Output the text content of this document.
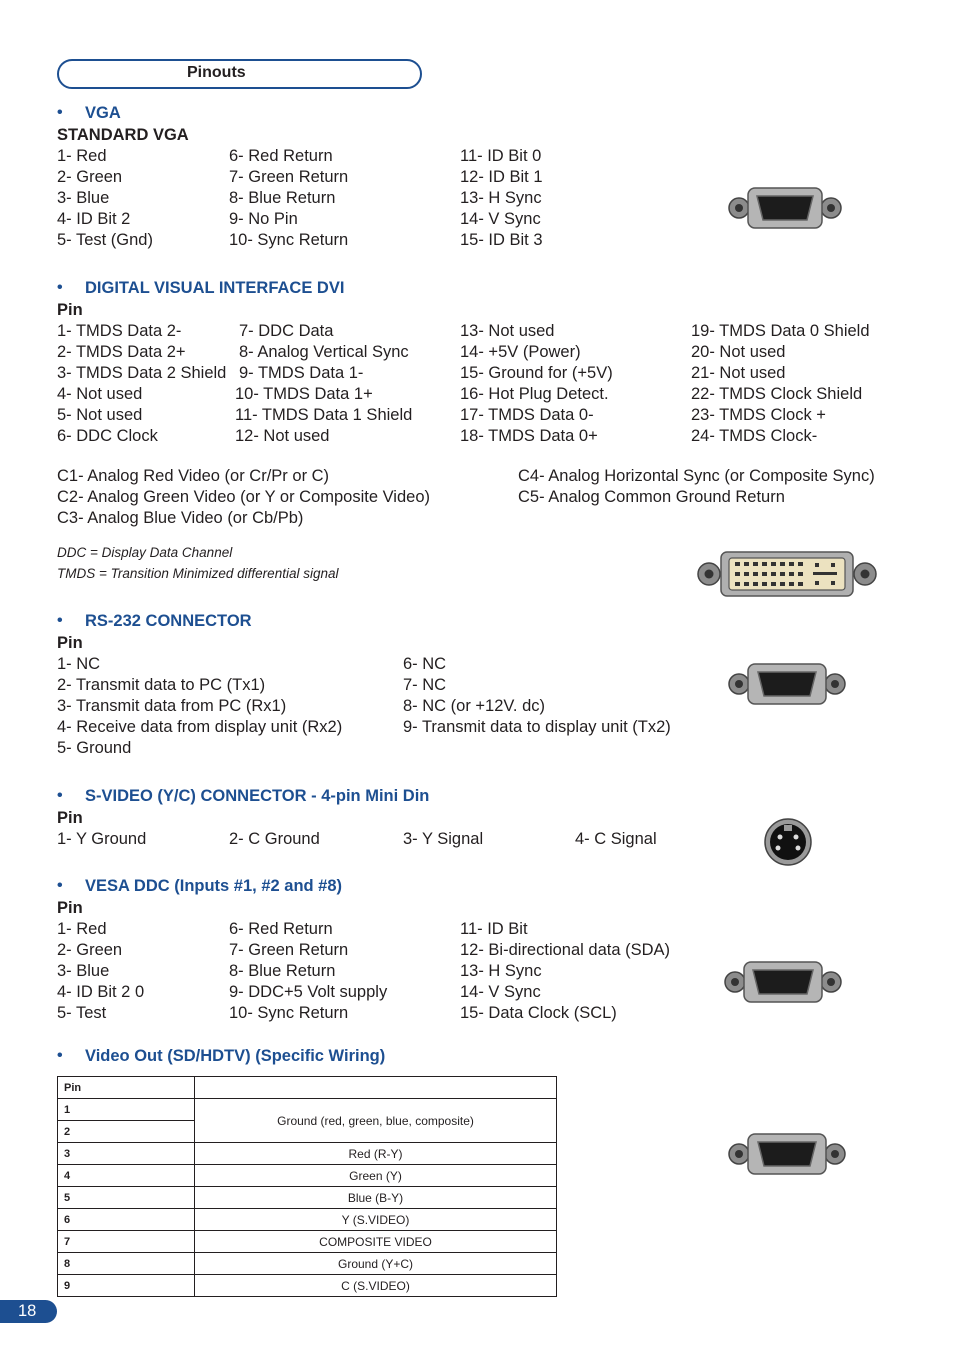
Pinouts
• VGA
STANDARD VGA
1- Red
2- Green
3- Blue
4- ID Bit 2
5- Test (Gnd)
6- Red Return
7- Green Return
8- Blue Return
9- No Pin
10- Sync Return
11- ID Bit 0
12- ID Bit 1
13- H Sync
14- V Sync
15- ID Bit 3
• DIGITAL VISUAL INTERFACE DVI
Pin
1- TMDS Data 2-
2- TMDS Data 2+
3- TMDS Data 2 Shield
4- Not used
5- Not used
6- DDC Clock
7- DDC Data
8- Analog Vertical Sync
9- TMDS Data 1-
10- TMDS Data 1+
11- TMDS Data 1 Shield
12- Not used
13- Not used
14- +5V (Power)
15- Ground for (+5V)
16- Hot Plug Detect.
17- TMDS Data 0-
18- TMDS Data 0+
19- TMDS Data 0 Shield
20- Not used
21- Not used
22- TMDS Clock Shield
23- TMDS Clock +
24- TMDS Clock-
C1- Analog Red Video (or Cr/Pr or C)
C2- Analog Green Video (or Y or Composite Video)
C3- Analog Blue Video (or Cb/Pb)
C4- Analog Horizontal Sync (or Composite Sync)
C5- Analog Common Ground Return
DDC = Display Data Channel
TMDS = Transition Minimized differential signal
• RS-232 CONNECTOR
Pin
1- NC
2- Transmit data to PC (Tx1)
3- Transmit data from PC (Rx1)
4- Receive data from display unit (Rx2)
5- Ground
6- NC
7- NC
8- NC (or +12V. dc)
9- Transmit data to display unit (Tx2)
• S-VIDEO (Y/C) CONNECTOR - 4-pin Mini Din
Pin
1- Y Ground	2- C Ground	3- Y Signal	4- C Signal
• VESA DDC (Inputs #1, #2 and #8)
Pin
1- Red
2- Green
3- Blue
4- ID Bit 2 0
5- Test
6- Red Return
7- Green Return
8- Blue Return
9- DDC+5 Volt supply
10- Sync Return
11- ID Bit
12- Bi-directional data (SDA)
13- H Sync
14- V Sync
15- Data Clock (SCL)
• Video Out (SD/HDTV) (Specific Wiring)
Pin	
1	Ground (red, green, blue, composite)
2	
3	Red (R-Y)
4	Green (Y)
5	Blue (B-Y)
6	Y (S.VIDEO)
7	COMPOSITE VIDEO
8	Ground (Y+C)
9	C (S.VIDEO)
18
